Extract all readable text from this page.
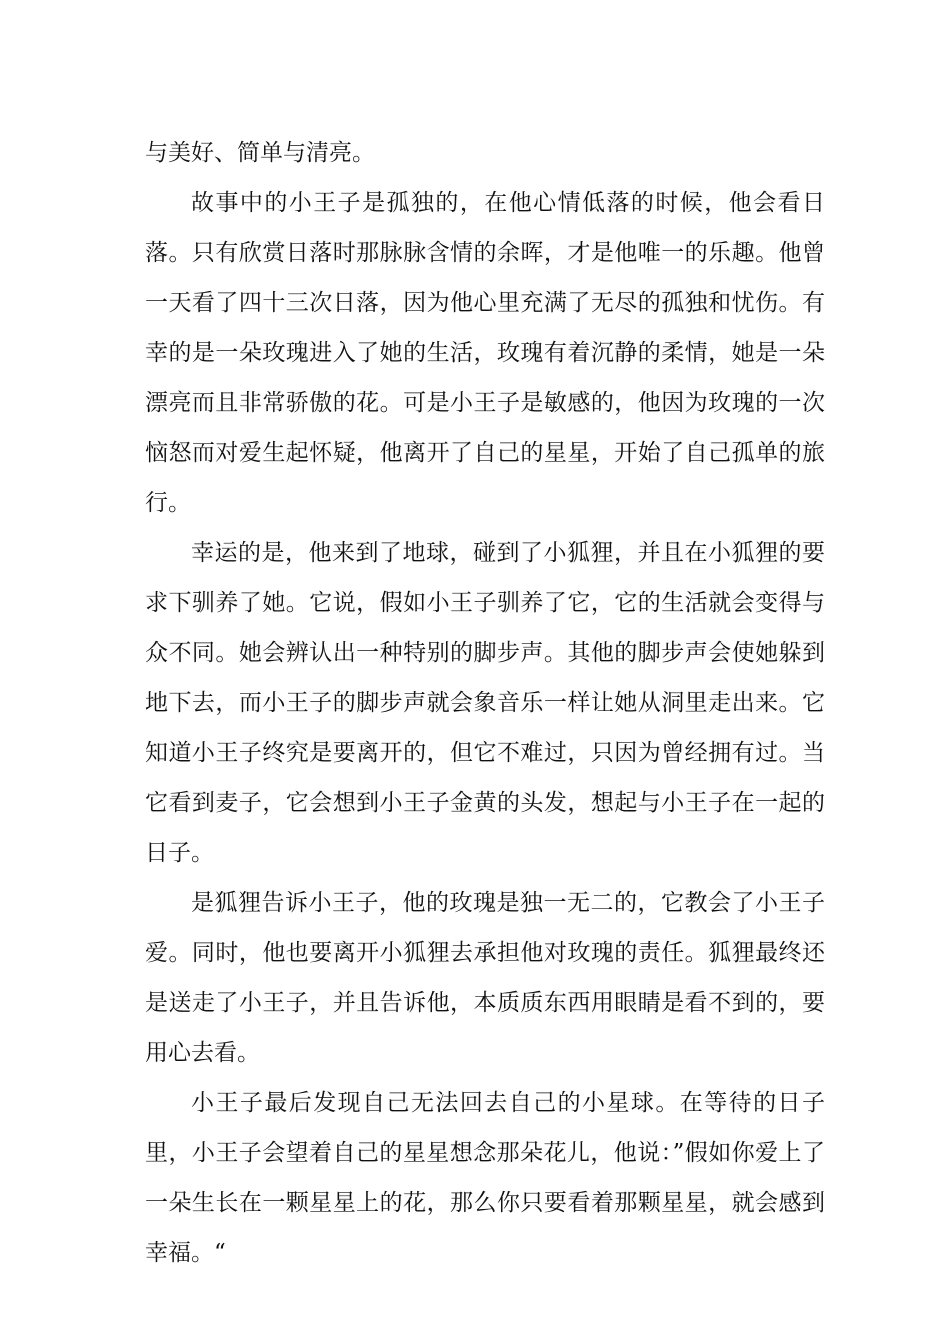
与美好、简单与清亮。

故事中的小王子是孤独的，在他心情低落的时候，他会看日落。只有欣赏日落时那脉脉含情的余晖，才是他唯一的乐趣。他曾一天看了四十三次日落，因为他心里充满了无尽的孤独和忧伤。有幸的是一朵玫瑰进入了她的生活，玫瑰有着沉静的柔情，她是一朵漂亮而且非常骄傲的花。可是小王子是敏感的，他因为玫瑰的一次恼怒而对爱生起怀疑，他离开了自己的星星，开始了自己孤单的旅行。

幸运的是，他来到了地球，碰到了小狐狸，并且在小狐狸的要求下驯养了她。它说，假如小王子驯养了它，它的生活就会变得与众不同。她会辨认出一种特别的脚步声。其他的脚步声会使她躲到地下去，而小王子的脚步声就会象音乐一样让她从洞里走出来。它知道小王子终究是要离开的，但它不难过，只因为曾经拥有过。当它看到麦子，它会想到小王子金黄的头发，想起与小王子在一起的日子。

是狐狸告诉小王子，他的玫瑰是独一无二的，它教会了小王子爱。同时，他也要离开小狐狸去承担他对玫瑰的责任。狐狸最终还是送走了小王子，并且告诉他，本质质东西用眼睛是看不到的，要用心去看。

小王子最后发现自己无法回去自己的小星球。在等待的日子里，小王子会望着自己的星星想念那朵花儿，他说：”假如你爱上了一朵生长在一颗星星上的花，那么你只要看着那颗星星，就会感到幸福。“
